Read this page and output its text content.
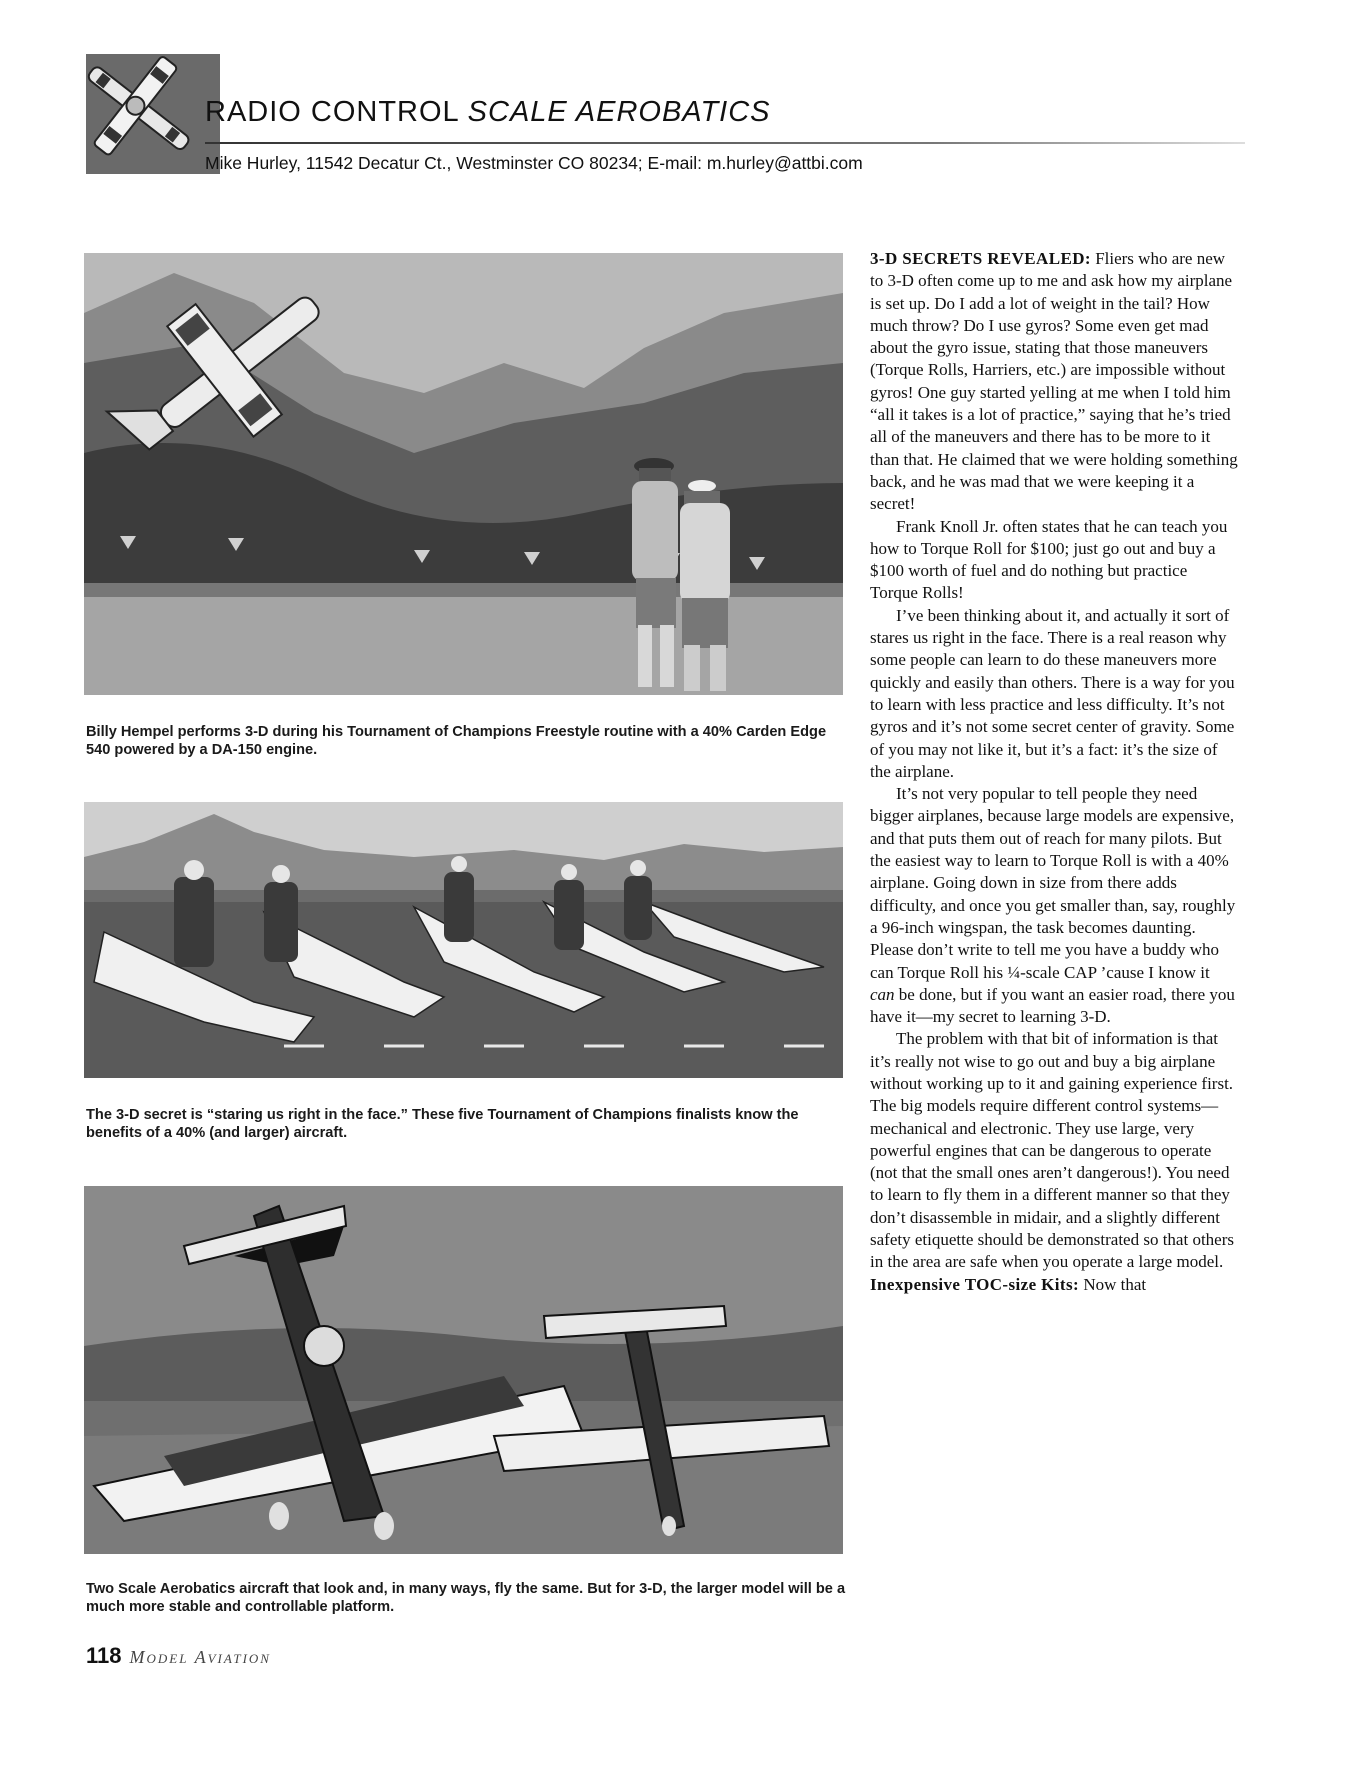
RADIO CONTROL SCALE AEROBATICS
Mike Hurley, 11542 Decatur Ct., Westminster CO 80234; E-mail: m.hurley@attbi.com

Billy Hempel performs 3-D during his Tournament of Champions Freestyle routine with a 40% Carden Edge 540 powered by a DA-150 engine.

The 3-D secret is “staring us right in the face.” These five Tournament of Champions finalists know the benefits of a 40% (and larger) aircraft.

Two Scale Aerobatics aircraft that look and, in many ways, fly the same. But for 3-D, the larger model will be a much more stable and controllable platform.

3-D SECRETS REVEALED: Fliers who are new to 3-D often come up to me and ask how my airplane is set up. Do I add a lot of weight in the tail? How much throw? Do I use gyros? Some even get mad about the gyro issue, stating that those maneuvers (Torque Rolls, Harriers, etc.) are impossible without gyros! One guy started yelling at me when I told him “all it takes is a lot of practice,” saying that he’s tried all of the maneuvers and there has to be more to it than that. He claimed that we were holding something back, and he was mad that we were keeping it a secret!

Frank Knoll Jr. often states that he can teach you how to Torque Roll for $100; just go out and buy a $100 worth of fuel and do nothing but practice Torque Rolls!

I’ve been thinking about it, and actually it sort of stares us right in the face. There is a real reason why some people can learn to do these maneuvers more quickly and easily than others. There is a way for you to learn with less practice and less difficulty. It’s not gyros and it’s not some secret center of gravity. Some of you may not like it, but it’s a fact: it’s the size of the airplane.

It’s not very popular to tell people they need bigger airplanes, because large models are expensive, and that puts them out of reach for many pilots. But the easiest way to learn to Torque Roll is with a 40% airplane. Going down in size from there adds difficulty, and once you get smaller than, say, roughly a 96-inch wingspan, the task becomes daunting. Please don’t write to tell me you have a buddy who can Torque Roll his ¼-scale CAP ’cause I know it can be done, but if you want an easier road, there you have it—my secret to learning 3-D.

The problem with that bit of information is that it’s really not wise to go out and buy a big airplane without working up to it and gaining experience first. The big models require different control systems—mechanical and electronic. They use large, very powerful engines that can be dangerous to operate (not that the small ones aren’t dangerous!). You need to learn to fly them in a different manner so that they don’t disassemble in midair, and a slightly different safety etiquette should be demonstrated so that others in the area are safe when you operate a large model.

Inexpensive TOC-size Kits: Now that

118 Model Aviation
